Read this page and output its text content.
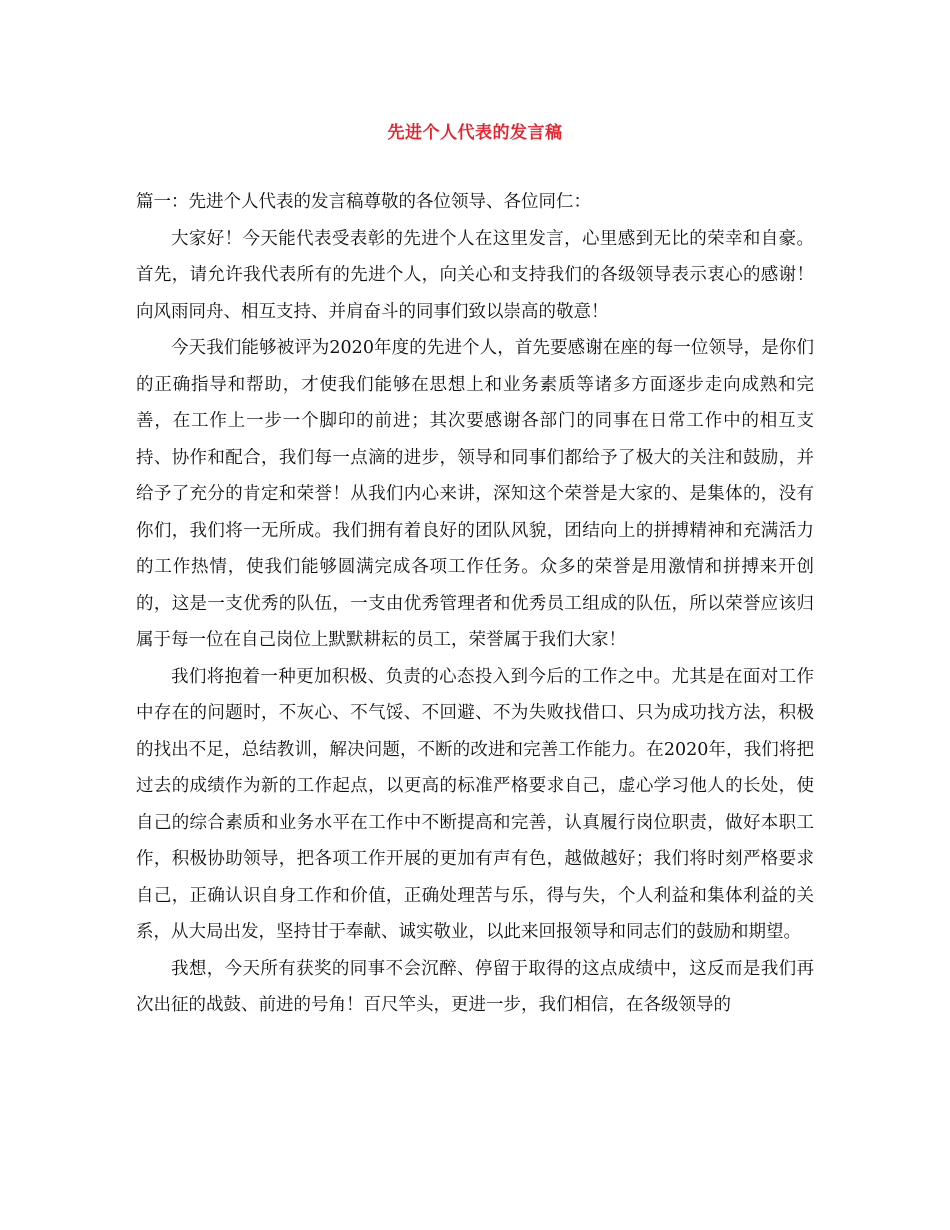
先进个人代表的发言稿

篇一：先进个人代表的发言稿尊敬的各位领导、各位同仁：

大家好！今天能代表受表彰的先进个人在这里发言，心里感到无比的荣幸和自豪。首先，请允许我代表所有的先进个人，向关心和支持我们的各级领导表示衷心的感谢！向风雨同舟、相互支持、并肩奋斗的同事们致以崇高的敬意！

今天我们能够被评为2020年度的先进个人，首先要感谢在座的每一位领导，是你们的正确指导和帮助，才使我们能够在思想上和业务素质等诸多方面逐步走向成熟和完善，在工作上一步一个脚印的前进；其次要感谢各部门的同事在日常工作中的相互支持、协作和配合，我们每一点滴的进步，领导和同事们都给予了极大的关注和鼓励，并给予了充分的肯定和荣誉！从我们内心来讲，深知这个荣誉是大家的、是集体的，没有你们，我们将一无所成。我们拥有着良好的团队风貌，团结向上的拼搏精神和充满活力的工作热情，使我们能够圆满完成各项工作任务。众多的荣誉是用激情和拼搏来开创的，这是一支优秀的队伍，一支由优秀管理者和优秀员工组成的队伍，所以荣誉应该归属于每一位在自己岗位上默默耕耘的员工，荣誉属于我们大家！

我们将抱着一种更加积极、负责的心态投入到今后的工作之中。尤其是在面对工作中存在的问题时，不灰心、不气馁、不回避、不为失败找借口、只为成功找方法，积极的找出不足，总结教训，解决问题，不断的改进和完善工作能力。在2020年，我们将把过去的成绩作为新的工作起点，以更高的标准严格要求自己，虚心学习他人的长处，使自己的综合素质和业务水平在工作中不断提高和完善，认真履行岗位职责，做好本职工作，积极协助领导，把各项工作开展的更加有声有色，越做越好；我们将时刻严格要求自己，正确认识自身工作和价值，正确处理苦与乐，得与失，个人利益和集体利益的关系，从大局出发，坚持甘于奉献、诚实敬业，以此来回报领导和同志们的鼓励和期望。

我想，今天所有获奖的同事不会沉醉、停留于取得的这点成绩中，这反而是我们再次出征的战鼓、前进的号角！百尺竿头，更进一步，我们相信，在各级领导的
